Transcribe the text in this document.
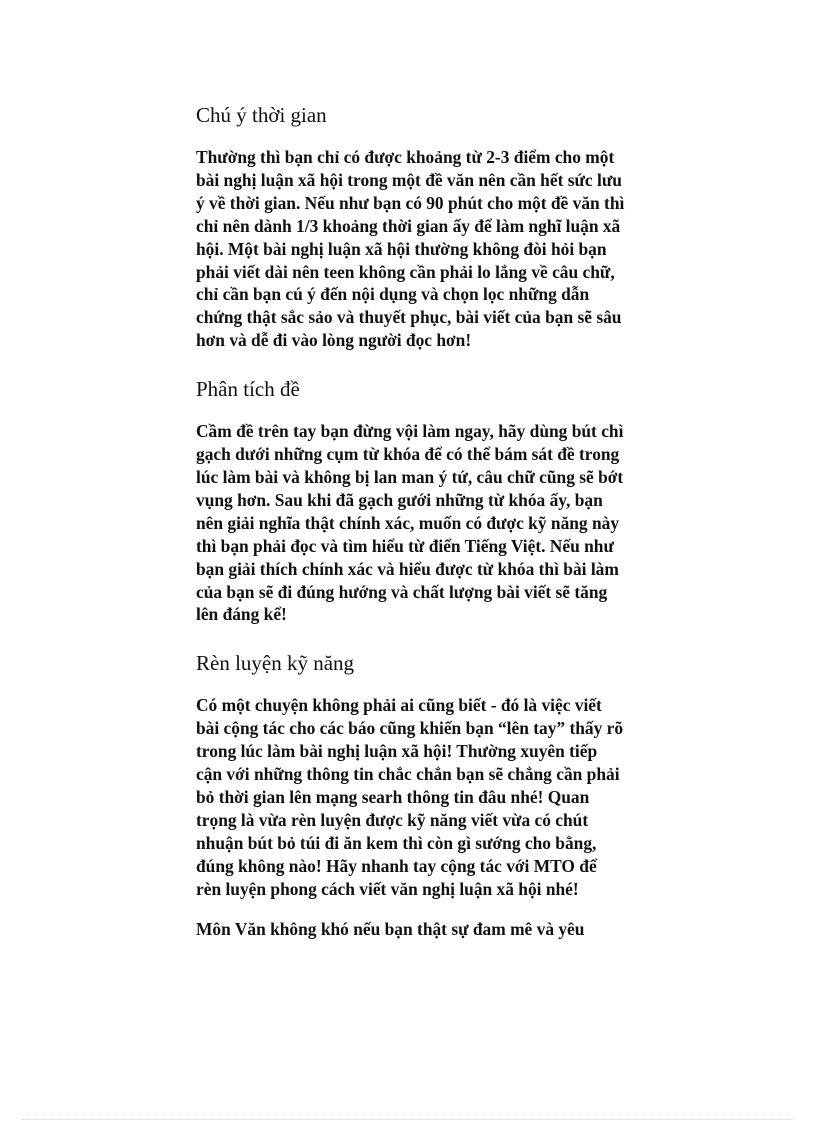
Chú ý thời gian

Thường thì bạn chỉ có được khoảng từ 2-3 điểm cho một bài nghị luận xã hội trong một đề văn nên cần hết sức lưu ý về thời gian. Nếu như bạn có 90 phút cho một đề văn thì chỉ nên dành 1/3 khoảng thời gian ấy để làm nghĩ luận xã hội. Một bài nghị luận xã hội thường không đòi hỏi bạn phải viết dài nên teen không cần phải lo lắng về câu chữ, chỉ cần bạn cú ý đến nội dụng và chọn lọc những dẫn chứng thật sắc sảo và thuyết phục, bài viết của bạn sẽ sâu hơn và dễ đi vào lòng người đọc hơn!

Phân tích đề

Cầm đề trên tay bạn đừng vội làm ngay, hãy dùng bút chì gạch dưới những cụm từ khóa để có thể bám sát đề trong lúc làm bài và không bị lan man ý tứ, câu chữ cũng sẽ bớt vụng hơn. Sau khi đã gạch gưới những từ khóa ấy, bạn nên giải nghĩa thật chính xác, muốn có được kỹ năng này thì bạn phải đọc và tìm hiểu từ điển Tiếng Việt. Nếu như bạn giải thích chính xác và hiểu được từ khóa thì bài làm của bạn sẽ đi đúng hướng và chất lượng bài viết sẽ tăng lên đáng kể!

Rèn luyện kỹ năng

Có một chuyện không phải ai cũng biết - đó là việc viết bài cộng tác cho các báo cũng khiến bạn “lên tay” thấy rõ trong lúc làm bài nghị luận xã hội! Thường xuyên tiếp cận với những thông tin chắc chắn bạn sẽ chẳng cần phải bỏ thời gian lên mạng searh thông tin đâu nhé! Quan trọng là vừa rèn luyện được kỹ năng viết vừa có chút nhuận bút bỏ túi đi ăn kem thì còn gì sướng cho bằng, đúng không nào! Hãy nhanh tay cộng tác với MTO để rèn luyện phong cách viết văn nghị luận xã hội nhé!

Môn Văn không khó nếu bạn thật sự đam mê và yêu
